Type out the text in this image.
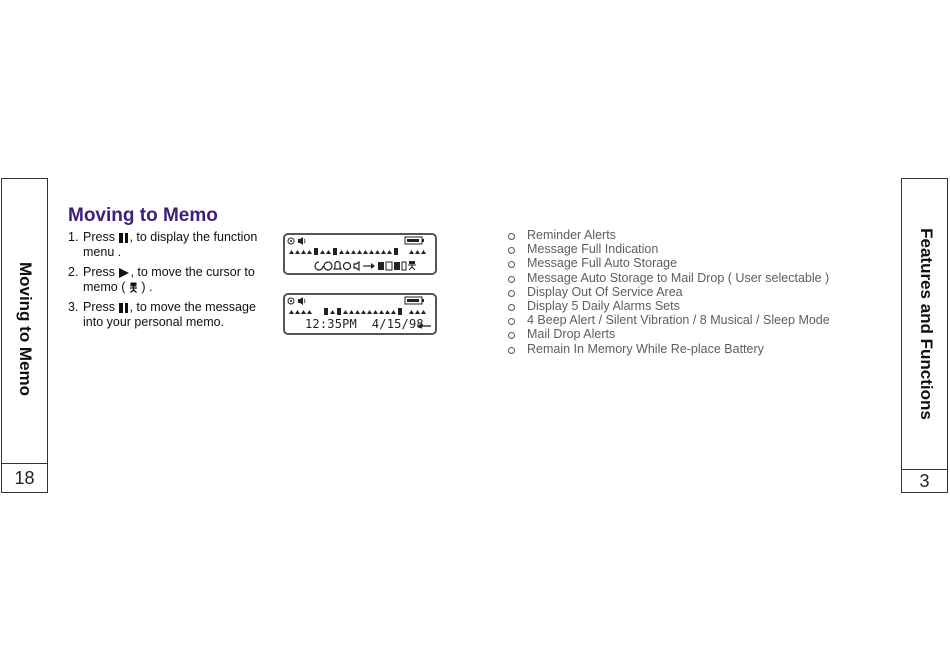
Moving to Memo
18
Features and Functions
3
Moving to Memo
1. Press , to display the function menu .
2. Press , to move the cursor to memo ( ) .
3. Press , to move the message into your personal memo.	12:35PM 4/15/98
Reminder Alerts
Message Full Indication
Message Full Auto Storage
Message Auto Storage to Mail Drop ( User selectable )
Display Out Of Service Area
Display 5 Daily Alarms Sets
4 Beep Alert / Silent Vibration / 8 Musical / Sleep Mode
Mail Drop Alerts
Remain In Memory While Re-place Battery
